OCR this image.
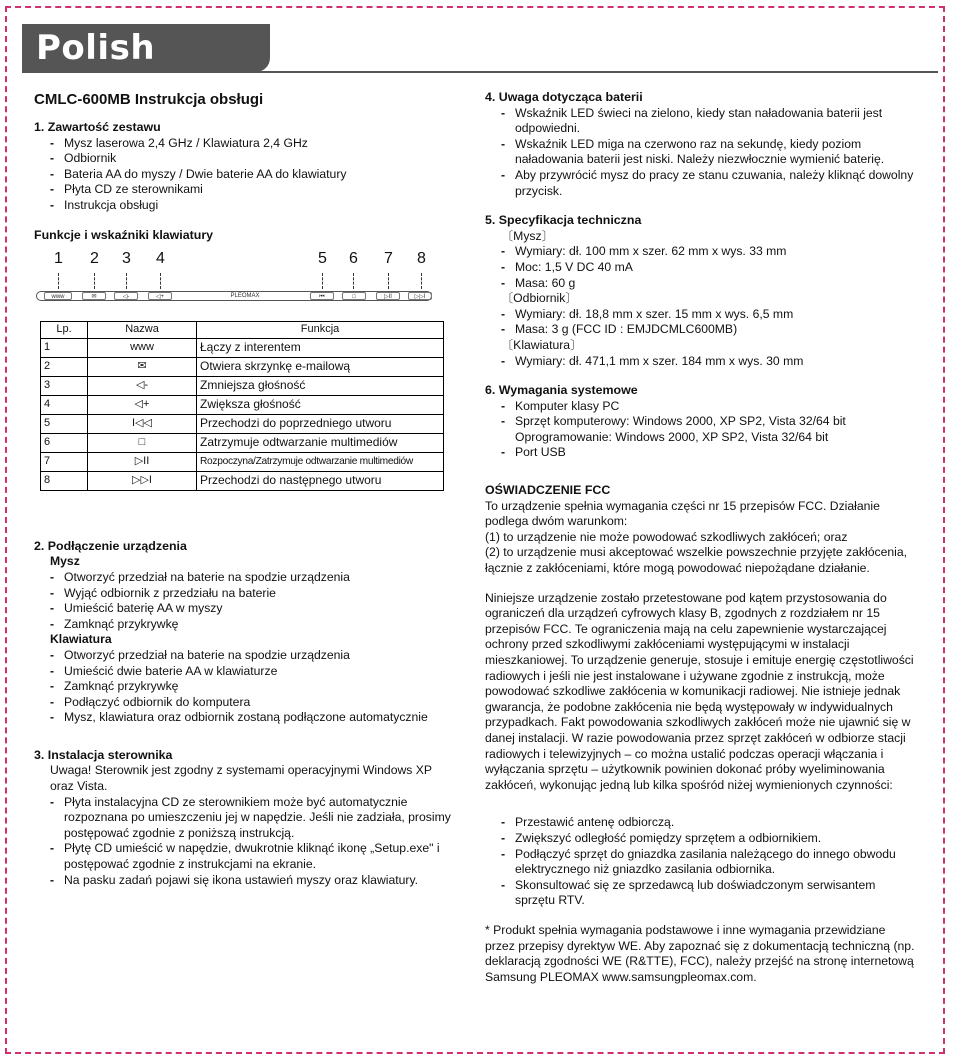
Polish
CMLC-600MB Instrukcja obsługi

1. Zawartość zestawu

- Mysz laserowa 2,4 GHz / Klawiatura 2,4 GHz
- Odbiornik
- Bateria AA do myszy / Dwie baterie AA do klawiatury
- Płyta CD ze sterownikami
- Instrukcja obsługi

Funkcje i wskaźniki klawiatury

1 2 3 4	5 6 7 8
www	✉	◁-	◁+	PLEOMAX	⏮	□	▷II	▷▷I
Lp.	Nazwa	Funkcja
1	www	Łączy z interentem
2	✉	Otwiera skrzynkę e-mailową
3	◁-	Zmniejsza głośność
4	◁+	Zwiększa głośność
5	I◁◁	Przechodzi do poprzedniego utworu
6	□	Zatrzymuje odtwarzanie multimediów
7	▷II	Rozpoczyna/Zatrzymuje odtwarzanie multimediów
8	▷▷I	Przechodzi do następnego utworu

2. Podłączenie urządzenia

Mysz
- Otworzyć przedział na baterie na spodzie urządzenia
- Wyjąć odbiornik z przedziału na baterie
- Umieścić baterię AA w myszy
- Zamknąć przykrywkę
Klawiatura
- Otworzyć przedział na baterie na spodzie urządzenia
- Umieścić dwie baterie AA w klawiaturze
- Zamknąć przykrywkę
- Podłączyć odbiornik do komputera
- Mysz, klawiatura oraz odbiornik zostaną podłączone automatycznie

3. Instalacja sterownika

Uwaga! Sterownik jest zgodny z systemami operacyjnymi Windows XP oraz Vista.

- Płyta instalacyjna CD ze sterownikiem może być automatycznie rozpoznana po umieszczeniu jej w napędzie. Jeśli nie zadziała, prosimy postępować zgodnie z poniższą instrukcją.
- Płytę CD umieścić w napędzie, dwukrotnie kliknąć ikonę „Setup.exe" i postępować zgodnie z instrukcjami na ekranie.
- Na pasku zadań pojawi się ikona ustawień myszy oraz klawiatury.

4. Uwaga dotycząca baterii

- Wskaźnik LED świeci na zielono, kiedy stan naładowania baterii jest odpowiedni.
- Wskaźnik LED miga na czerwono raz na sekundę, kiedy poziom naładowania baterii jest niski. Należy niezwłocznie wymienić baterię.
- Aby przywrócić mysz do pracy ze stanu czuwania, należy kliknąć dowolny przycisk.

5. Specyfikacja techniczna

〔Mysz〕
- Wymiary: dł. 100 mm x szer. 62 mm x wys. 33 mm
- Moc: 1,5 V DC 40 mA
- Masa: 60 g
〔Odbiornik〕
- Wymiary: dł. 18,8 mm x szer. 15 mm x wys. 6,5 mm
- Masa: 3 g (FCC ID : EMJDCMLC600MB)
〔Klawiatura〕
- Wymiary: dł. 471,1 mm x szer. 184 mm x wys. 30 mm

6. Wymagania systemowe

- Komputer klasy PC
- Sprzęt komputerowy: Windows 2000, XP SP2, Vista 32/64 bit Oprogramowanie: Windows 2000, XP SP2, Vista 32/64 bit
- Port USB

OŚWIADCZENIE FCC

To urządzenie spełnia wymagania części nr 15 przepisów FCC. Działanie podlega dwóm warunkom:

(1) to urządzenie nie może powodować szkodliwych zakłóceń; oraz

(2) to urządzenie musi akceptować wszelkie powszechnie przyjęte zakłócenia, łącznie z zakłóceniami, które mogą powodować niepożądane działanie.

Niniejsze urządzenie zostało przetestowane pod kątem przystosowania do ograniczeń dla urządzeń cyfrowych klasy B, zgodnych z rozdziałem nr 15 przepisów FCC. Te ograniczenia mają na celu zapewnienie wystarczającej ochrony przed szkodliwymi zakłóceniami występującymi w instalacji mieszkaniowej. To urządzenie generuje, stosuje i emituje energię częstotliwości radiowych i jeśli nie jest instalowane i używane zgodnie z instrukcją, może powodować szkodliwe zakłócenia w komunikacji radiowej. Nie istnieje jednak gwarancja, że podobne zakłócenia nie będą występowały w indywidualnych przypadkach. Fakt powodowania szkodliwych zakłóceń może nie ujawnić się w danej instalacji. W razie powodowania przez sprzęt zakłóceń w odbiorze stacji radiowych i telewizyjnych – co można ustalić podczas operacji włączania i wyłączania sprzętu – użytkownik powinien dokonać próby wyeliminowania zakłóceń, wykonując jedną lub kilka spośród niżej wymienionych czynności:

- Przestawić antenę odbiorczą.
- Zwiększyć odległość pomiędzy sprzętem a odbiornikiem.
- Podłączyć sprzęt do gniazdka zasilania należącego do innego obwodu elektrycznego niż gniazdko zasilania odbiornika.
- Skonsultować się ze sprzedawcą lub doświadczonym serwisantem sprzętu RTV.

* Produkt spełnia wymagania podstawowe i inne wymagania przewidziane przez przepisy dyrektyw WE. Aby zapoznać się z dokumentacją techniczną (np. deklaracją zgodności WE (R&TTE), FCC), należy przejść na stronę internetową Samsung PLEOMAX www.samsungpleomax.com.
